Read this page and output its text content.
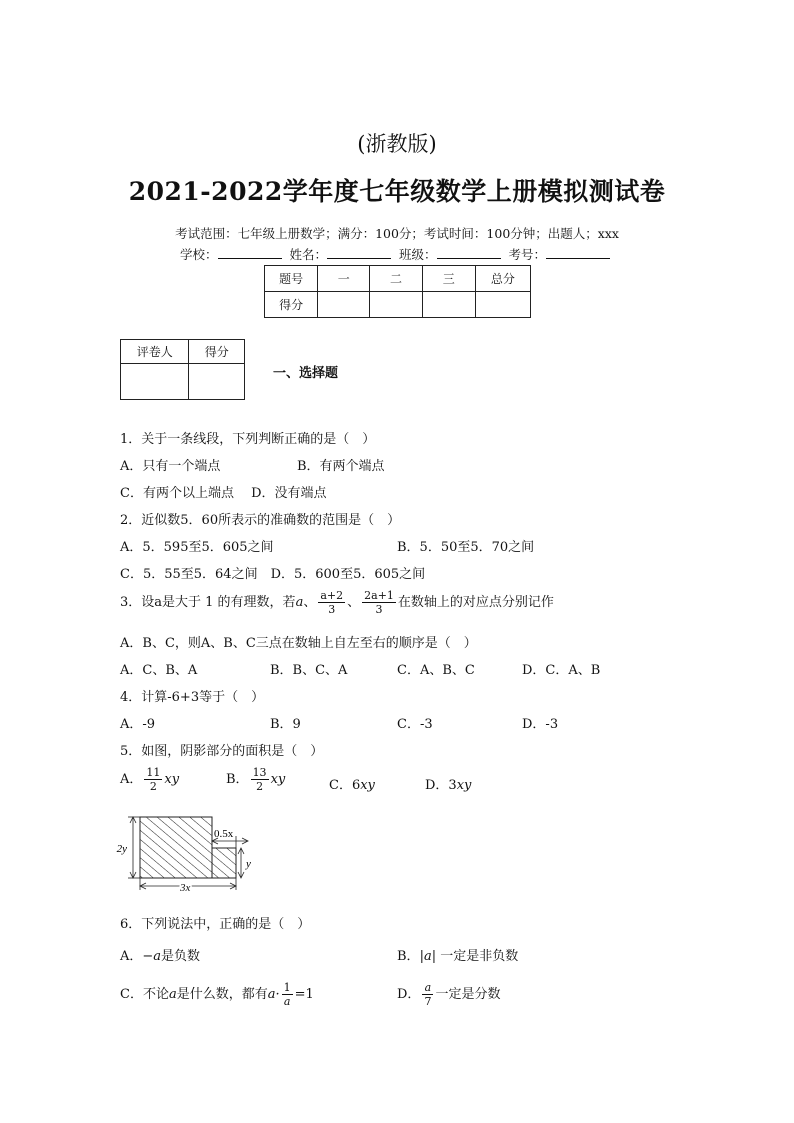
(浙教版)
2021-2022学年度七年级数学上册模拟测试卷
考试范围：七年级上册数学；满分：100分；考试时间：100分钟；出题人；xxx
学校：	姓名：	班级：	考号：
题号	一	二	三	总分
得分				
评卷人	得分

一、选择题
1．关于一条线段，下列判断正确的是（　）
A．只有一个端点	B．有两个端点
C．有两个以上端点　 D．没有端点
2．近似数5．60所表示的准确数的范围是（　）
A．5．595至5．605之间	B．5．50至5．70之间
C．5．55至5．64之间　D．5．600至5．605之间
3．设a是大于 1 的有理数，若a、 $\frac{a+2}{3}$ 、 $\frac{2a+1}{3}$ 在数轴上的对应点分别记作
A．B、C，则A、B、C三点在数轴上自左至右的顺序是（　）
A．C、B、A	B．B、C、A	C．A、B、C	D．C．A、B
4．计算-6+3等于（　）
A．-9	B．9	C．-3	D．-3
5．如图，阴影部分的面积是（　）
A． $\frac{11}{2}$ xy	B． $\frac{13}{2}$ xy	C．6xy	D．3xy
2y
0.5x
y
3x
6．下列说法中，正确的是（　）
A．−a是负数	B．|a| 一定是非负数
C．不论a是什么数，都有$a\cdot \frac{1}{a} =1$	D． $\frac{a}{7}$ 一定是分数
